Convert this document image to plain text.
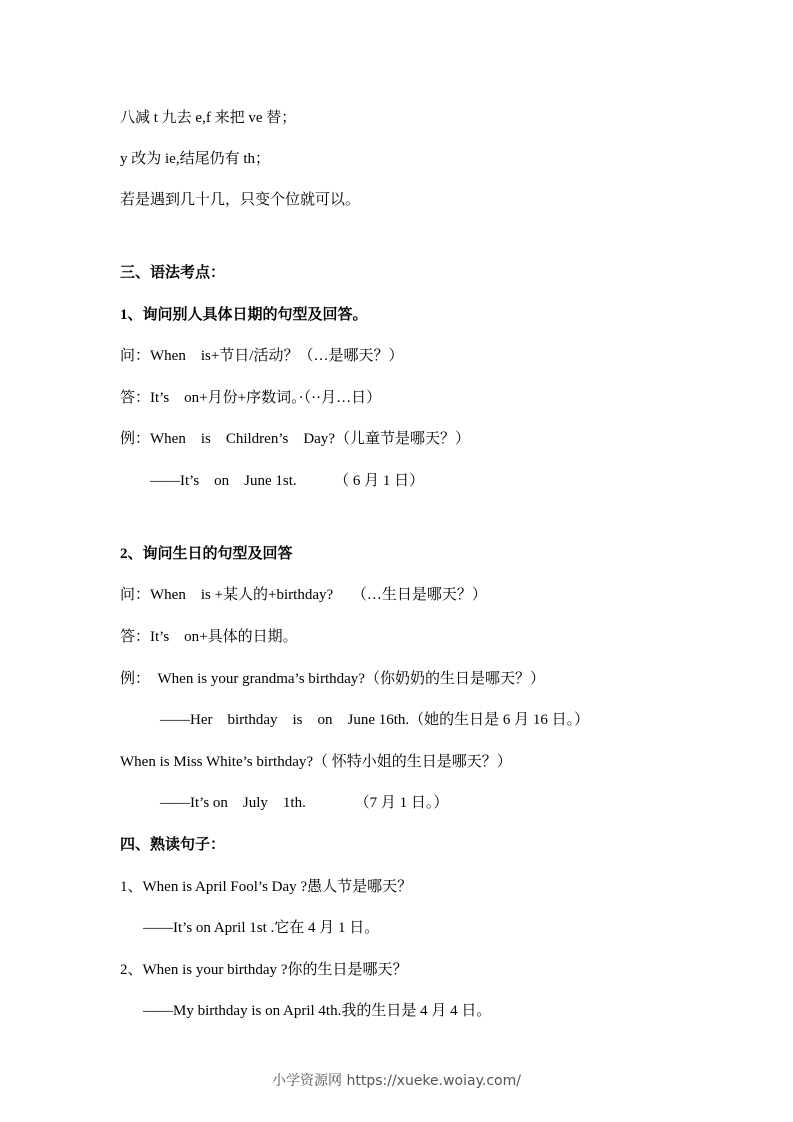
八减 t 九去 e,f 来把 ve 替；
y 改为 ie,结尾仍有 th；
若是遇到几十几，只变个位就可以。
三、语法考点：
1、询问别人具体日期的句型及回答。
问：When    is+节日/活动？（…是哪天？）
答：It’s    on+月份+序数词。·（··月…日）
例：When    is    Children’s    Day?（儿童节是哪天？）
——It’s    on    June 1st.          （ 6 月 1 日）
2、询问生日的句型及回答
问：When    is +某人的+birthday?     （…生日是哪天？）
答：It’s    on+具体的日期。
例：  When is your grandma’s birthday?（你奶奶的生日是哪天？）
——Her    birthday    is    on    June 16th.（她的生日是 6 月 16 日。）
When is Miss White’s birthday?（ 怀特小姐的生日是哪天？）
——It’s on    July    1th.             （7 月 1 日。）
四、熟读句子：
1、When is April Fool’s Day ?愚人节是哪天？
——It’s on April 1st .它在 4 月 1 日。
2、When is your birthday ?你的生日是哪天？
——My birthday is on April 4th.我的生日是 4 月 4 日。
小学资源网 https://xueke.woiay.com/
